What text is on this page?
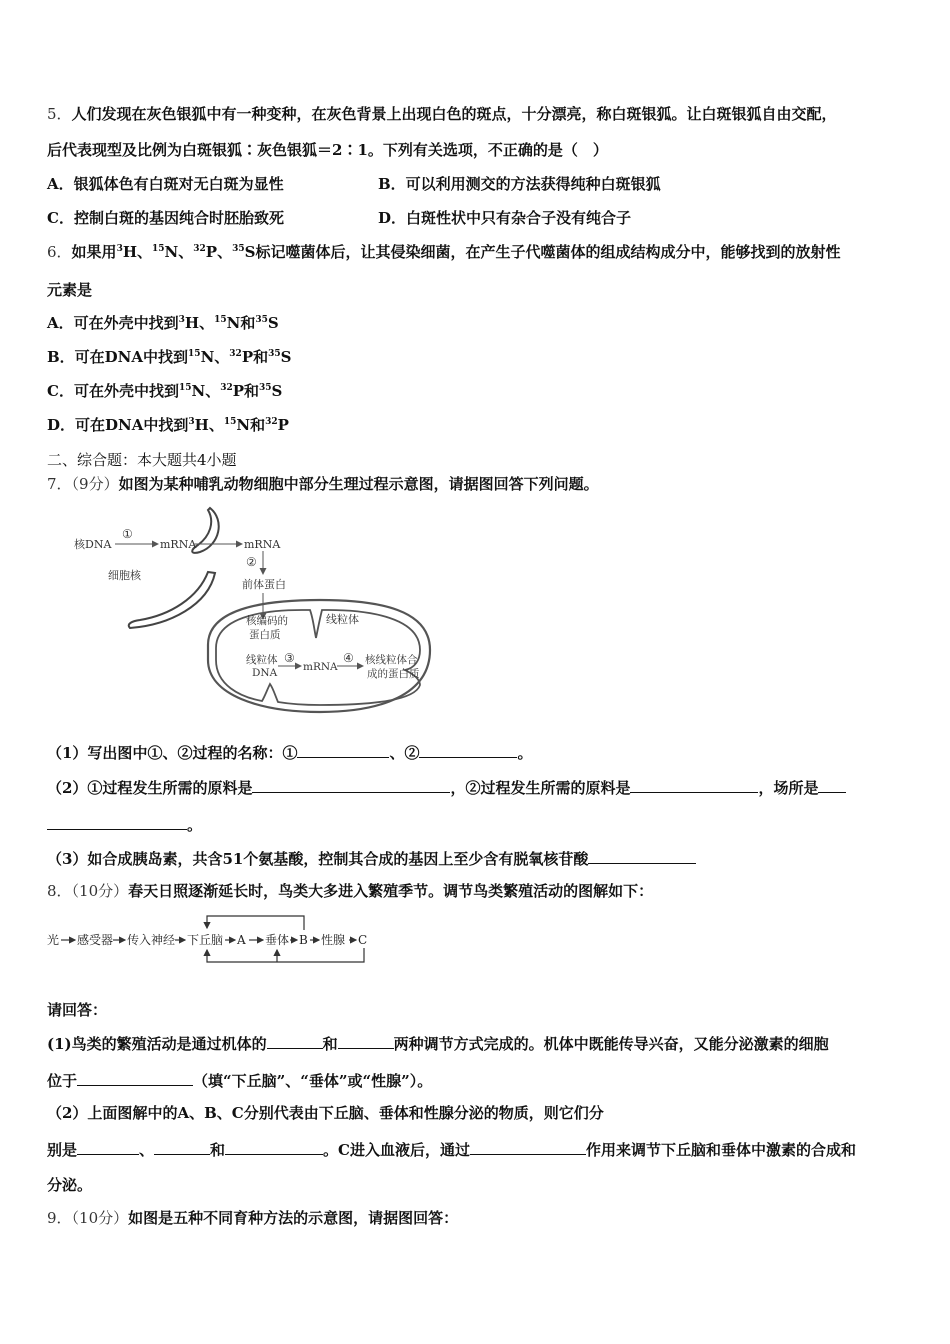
5．人们发现在灰色银狐中有一种变种，在灰色背景上出现白色的斑点，十分漂亮，称白斑银狐。让白斑银狐自由交配，
后代表现型及比例为白斑银狐∶灰色银狐＝2∶1。下列有关选项，不正确的是（　）
A．银狐体色有白斑对无白斑为显性	B．可以利用测交的方法获得纯种白斑银狐
C．控制白斑的基因纯合时胚胎致死	D．白斑性状中只有杂合子没有纯合子
6．如果用$^3$H、$^{15}$N、$^{32}$P、$^{35}$S标记噬菌体后，让其侵染细菌，在产生子代噬菌体的组成结构成分中，能够找到的放射性
元素是
A．可在外壳中找到$^3$H、$^{15}$N和$^{35}$S
B．可在DNA中找到$^{15}$N、$^{32}$P和$^{35}$S
C．可在外壳中找到$^{15}$N、$^{32}$P和$^{35}$S
D．可在DNA中找到$^3$H、$^{15}$N和$^{32}$P
二、综合题：本大题共4小题
7．（9分）如图为某种哺乳动物细胞中部分生理过程示意图，请据图回答下列问题。
核DNA
①
mRNA	mRNA
②
前体蛋白
细胞核
线粒体
核编码的
蛋白质
线粒体
DNA
③
mRNA
④ 核线粒体合
成的蛋白质
（1）写出图中①、②过程的名称：①	、②	。
（2）①过程发生所需的原料是	，②过程发生所需的原料是	，场所是
。
（3）如合成胰岛素，共含51个氨基酸，控制其合成的基因上至少含有脱氧核苷酸
8．（10分）春天日照逐渐延长时，鸟类大多进入繁殖季节。调节鸟类繁殖活动的图解如下：
光 感受器 传入神经 下丘脑 A 垂体 B 性腺 C
请回答：
(1)鸟类的繁殖活动是通过机体的	和	两种调节方式完成的。机体中既能传导兴奋，又能分泌激素的细胞
位于	（填“下丘脑”、“垂体”或“性腺”）。
（2）上面图解中的A、B、C分别代表由下丘脑、垂体和性腺分泌的物质，则它们分
别是	、	和	。C进入血液后，通过	作用来调节下丘脑和垂体中激素的合成和
分泌。
9．（10分）如图是五种不同育种方法的示意图，请据图回答：
